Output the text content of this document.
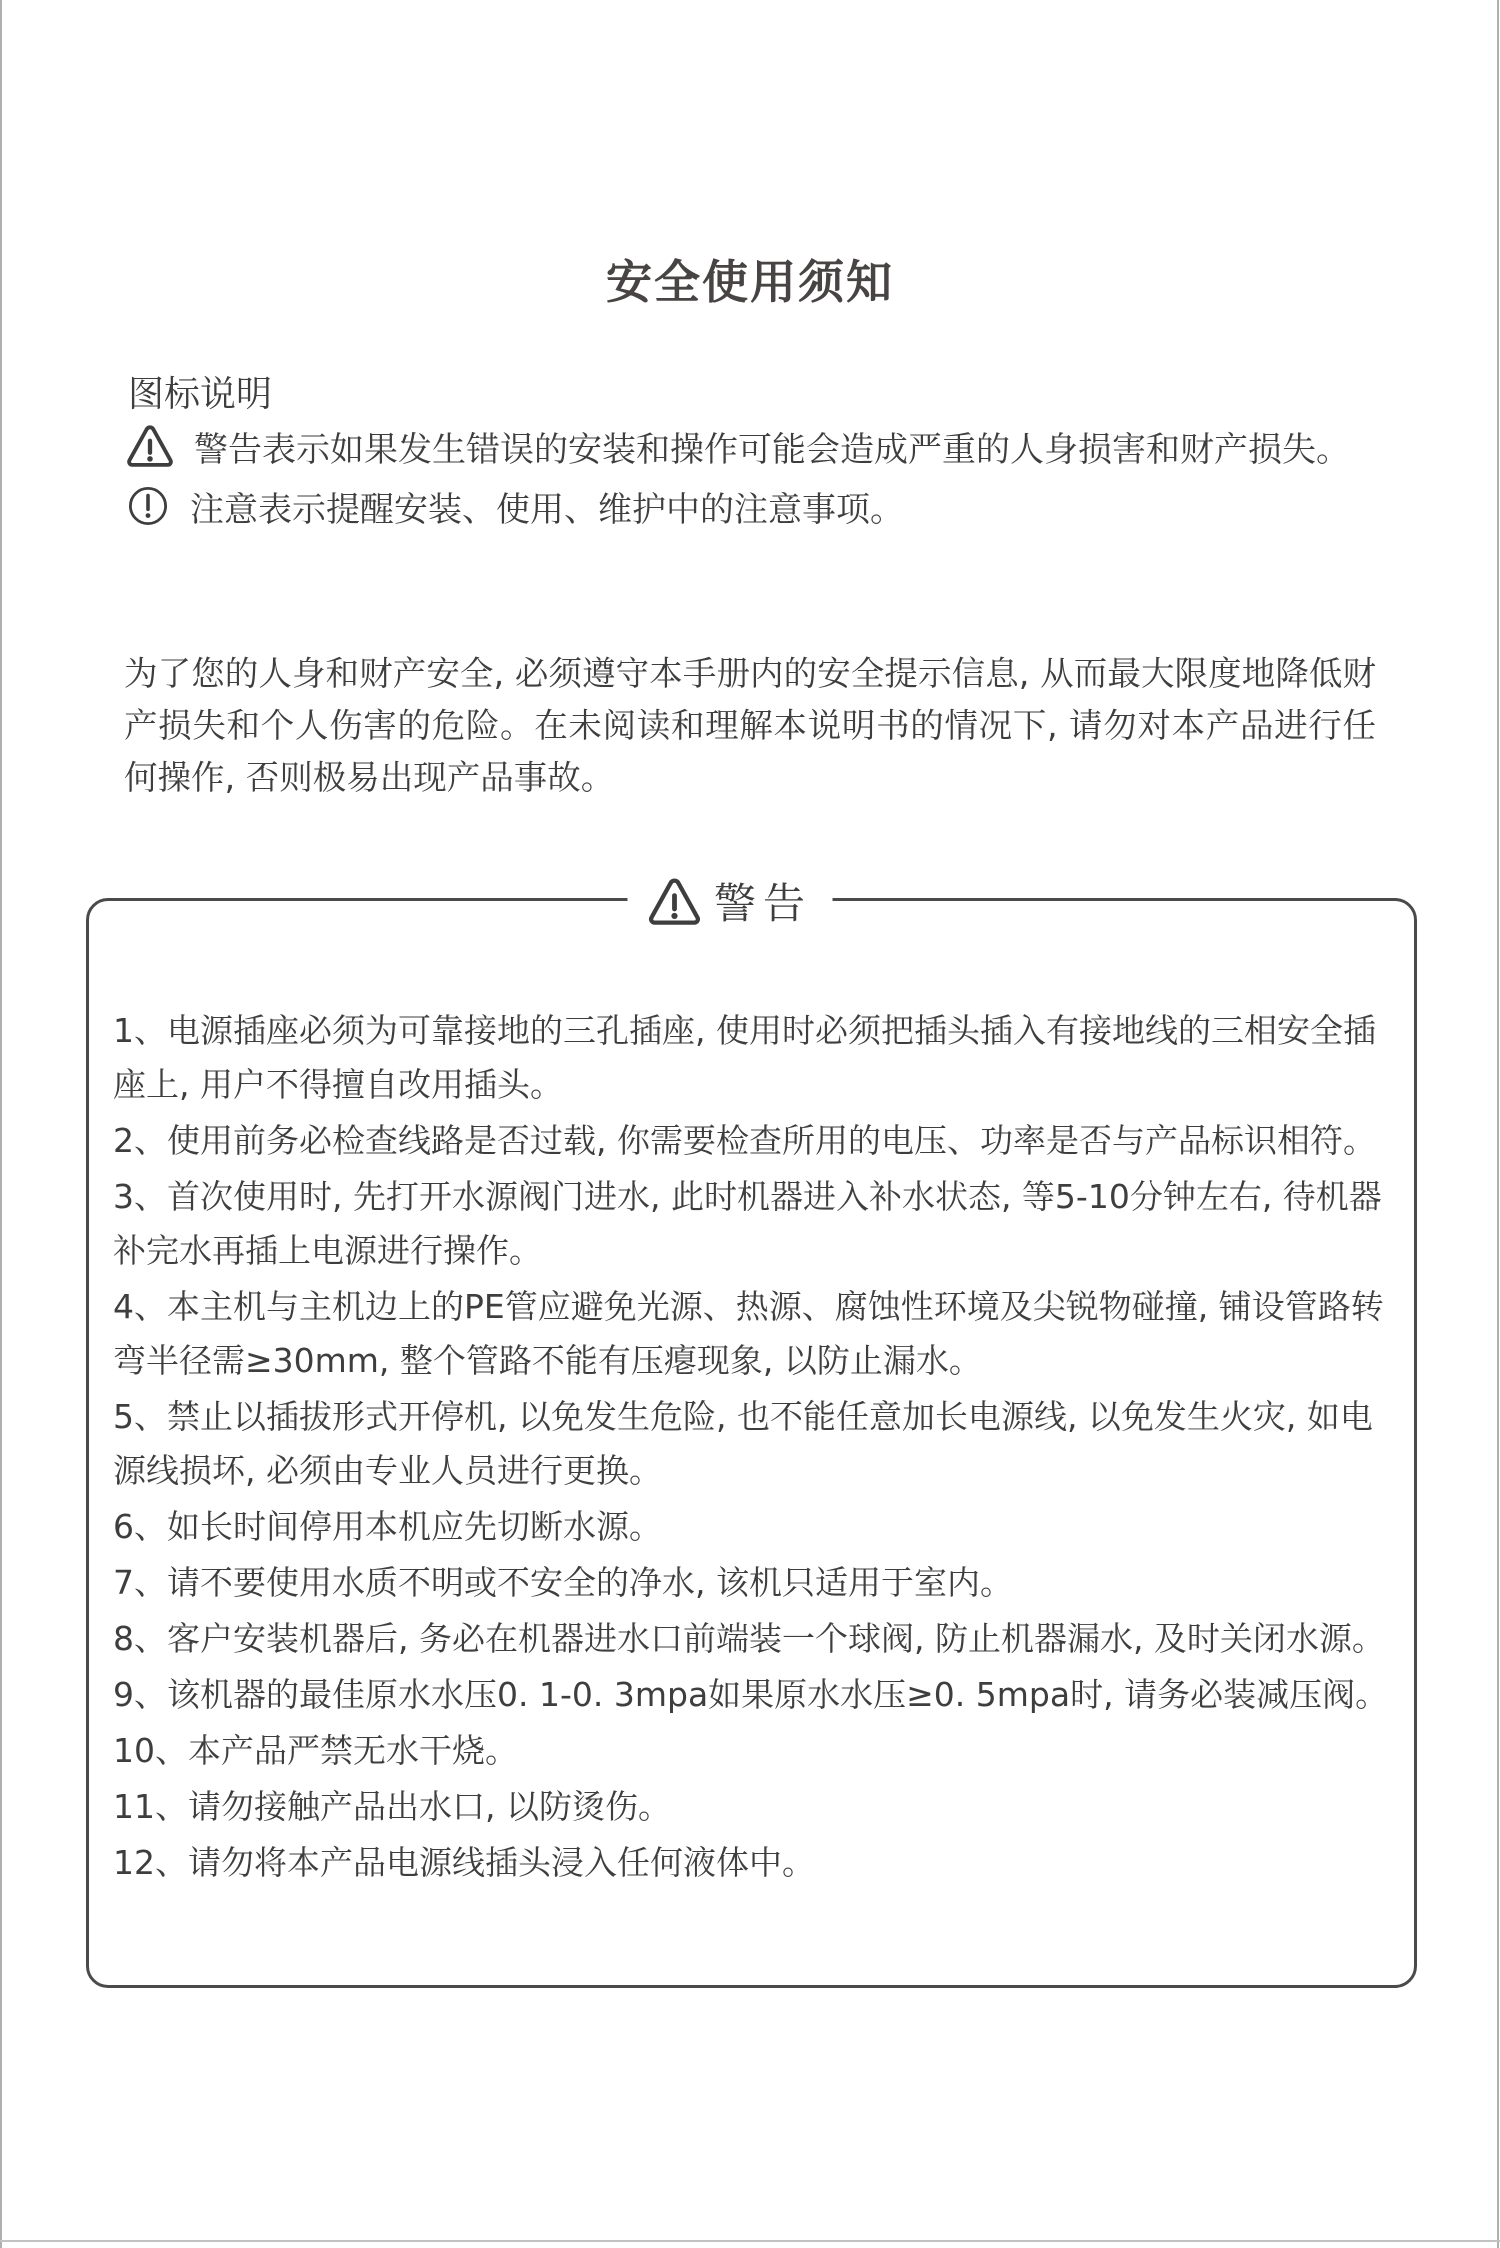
安全使用须知
图标说明
警告表示如果发生错误的安装和操作可能会造成严重的人身损害和财产损失。
注意表示提醒安装、使用、维护中的注意事项。

为了您的人身和财产安全, 必须遵守本手册内的安全提示信息, 从而最大限度地降低财产损失和个人伤害的危险。在未阅读和理解本说明书的情况下, 请勿对本产品进行任何操作, 否则极易出现产品事故。

警告
1、电源插座必须为可靠接地的三孔插座, 使用时必须把插头插入有接地线的三相安全插座上, 用户不得擅自改用插头。
2、使用前务必检查线路是否过载, 你需要检查所用的电压、功率是否与产品标识相符。
3、首次使用时, 先打开水源阀门进水, 此时机器进入补水状态, 等5-10分钟左右, 待机器补完水再插上电源进行操作。
4、本主机与主机边上的PE管应避免光源、热源、腐蚀性环境及尖锐物碰撞, 铺设管路转弯半径需≥30mm, 整个管路不能有压瘪现象, 以防止漏水。
5、禁止以插拔形式开停机, 以免发生危险, 也不能任意加长电源线, 以免发生火灾, 如电源线损坏, 必须由专业人员进行更换。
6、如长时间停用本机应先切断水源。
7、请不要使用水质不明或不安全的净水, 该机只适用于室内。
8、客户安装机器后, 务必在机器进水口前端装一个球阀, 防止机器漏水, 及时关闭水源。
9、该机器的最佳原水水压0. 1-0. 3mpa如果原水水压≥0. 5mpa时, 请务必装减压阀。
10、本产品严禁无水干烧。
11、请勿接触产品出水口, 以防烫伤。
12、请勿将本产品电源线插头浸入任何液体中。
